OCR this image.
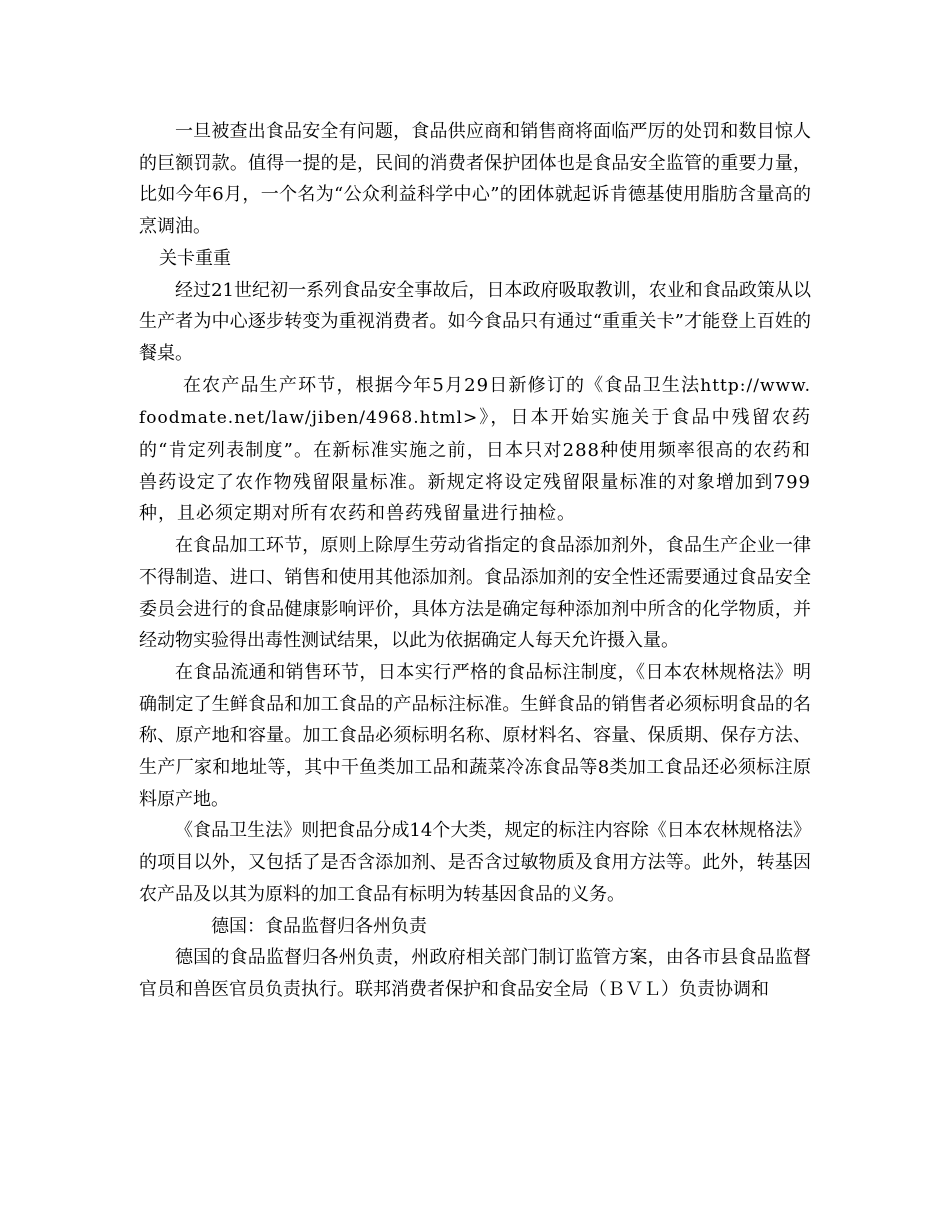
一旦被查出食品安全有问题，食品供应商和销售商将面临严厉的处罚和数目惊人的巨额罚款。值得一提的是，民间的消费者保护团体也是食品安全监管的重要力量，比如今年6月，一个名为“公众利益科学中心”的团体就起诉肯德基使用脂肪含量高的烹调油。

关卡重重

经过21世纪初一系列食品安全事故后，日本政府吸取教训，农业和食品政策从以生产者为中心逐步转变为重视消费者。如今食品只有通过“重重关卡”才能登上百姓的餐桌。

在农产品生产环节，根据今年5月29日新修订的《食品卫生法http://www.foodmate.net/law/jiben/4968.html>》，日本开始实施关于食品中残留农药的“肯定列表制度”。在新标准实施之前，日本只对288种使用频率很高的农药和兽药设定了农作物残留限量标准。新规定将设定残留限量标准的对象增加到799种，且必须定期对所有农药和兽药残留量进行抽检。

在食品加工环节，原则上除厚生劳动省指定的食品添加剂外，食品生产企业一律不得制造、进口、销售和使用其他添加剂。食品添加剂的安全性还需要通过食品安全委员会进行的食品健康影响评价，具体方法是确定每种添加剂中所含的化学物质，并经动物实验得出毒性测试结果，以此为依据确定人每天允许摄入量。

在食品流通和销售环节，日本实行严格的食品标注制度，《日本农林规格法》明确制定了生鲜食品和加工食品的产品标注标准。生鲜食品的销售者必须标明食品的名称、原产地和容量。加工食品必须标明名称、原材料名、容量、保质期、保存方法、生产厂家和地址等，其中干鱼类加工品和蔬菜冷冻食品等8类加工食品还必须标注原料原产地。

《食品卫生法》则把食品分成14个大类，规定的标注内容除《日本农林规格法》的项目以外，又包括了是否含添加剂、是否含过敏物质及食用方法等。此外，转基因农产品及以其为原料的加工食品有标明为转基因食品的义务。

德国：食品监督归各州负责

德国的食品监督归各州负责，州政府相关部门制订监管方案，由各市县食品监督官员和兽医官员负责执行。联邦消费者保护和食品安全局（ＢＶＬ）负责协调和
